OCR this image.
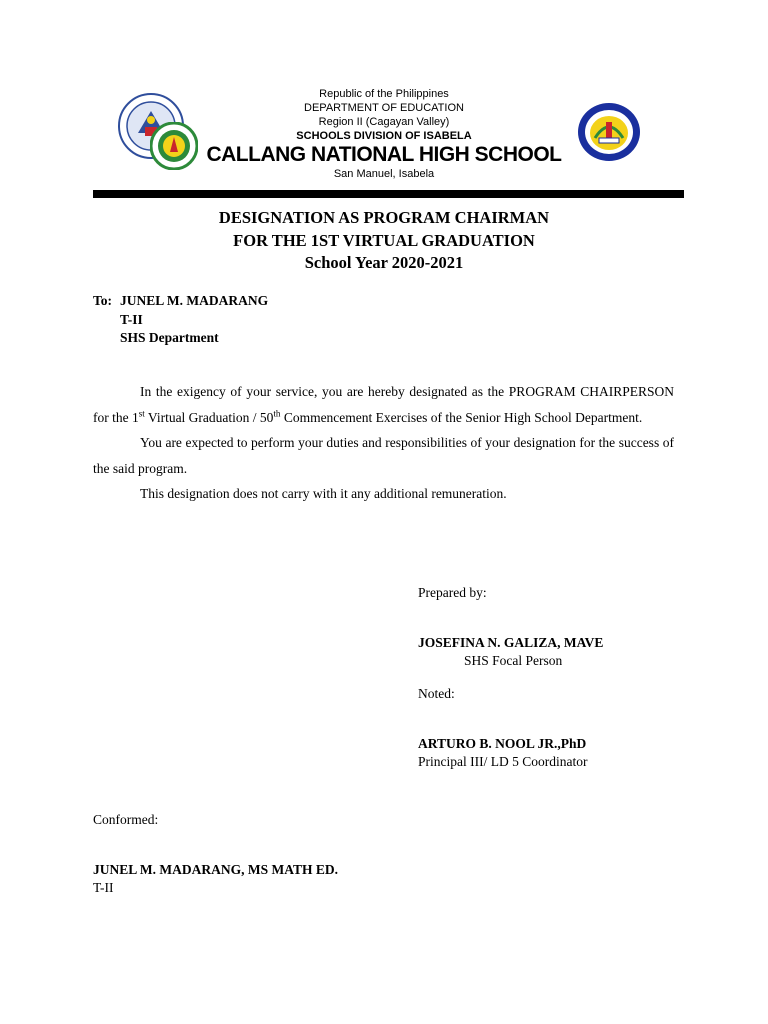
Republic of the Philippines
DEPARTMENT OF EDUCATION
Region II (Cagayan Valley)
SCHOOLS DIVISION OF ISABELA
CALLANG NATIONAL HIGH SCHOOL
San Manuel, Isabela
DESIGNATION AS PROGRAM CHAIRMAN
FOR THE 1ST VIRTUAL GRADUATION
School Year 2020-2021
To: JUNEL M. MADARANG
T-II
SHS Department

In the exigency of your service, you are hereby designated as the PROGRAM CHAIRPERSON for the 1st Virtual Graduation / 50th Commencement Exercises of the Senior High School Department.

You are expected to perform your duties and responsibilities of your designation for the success of the said program.

This designation does not carry with it any additional remuneration.

Prepared by:
JOSEFINA N. GALIZA, MAVE
SHS Focal Person
Noted:
ARTURO B. NOOL JR.,PhD
Principal III/ LD 5 Coordinator
Conformed:
JUNEL M. MADARANG, MS MATH ED.
T-II
